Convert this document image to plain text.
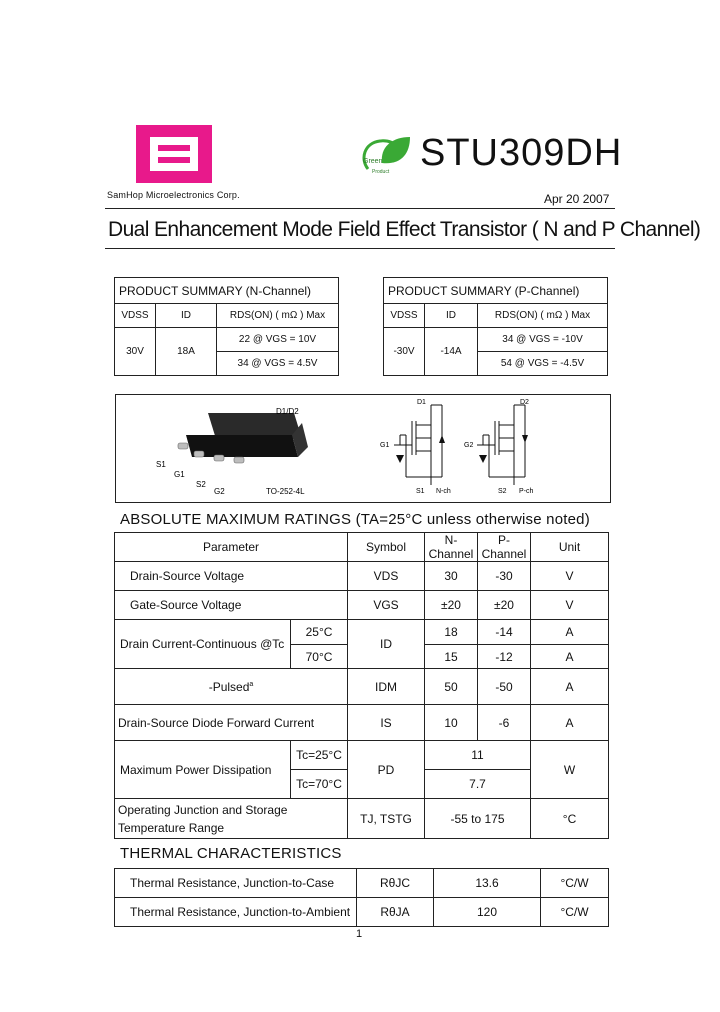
SamHop Microelectronics Corp.
Green
Product STU309DH
Apr 20 2007
Dual Enhancement Mode Field Effect Transistor ( N and P Channel)
PRODUCT SUMMARY (N-Channel)		
VDSS	ID	RDS(ON) ( mΩ ) Max
30V	18A	22 @ VGS = 10V
		34 @ VGS = 4.5V
PRODUCT SUMMARY (P-Channel)		
VDSS	ID	RDS(ON) ( mΩ ) Max
-30V	-14A	34 @ VGS = -10V
		54 @ VGS = -4.5V
D1/D2
S1
G1
S2
G2	TO-252-4L
D1
G1
S1 N-ch
D2
G2
S2 P-ch
ABSOLUTE MAXIMUM RATINGS (TA=25°C unless otherwise noted)
Parameter		Symbol	N-Channel	P-Channel	Unit
Drain-Source Voltage		VDS	30	-30	V
Gate-Source Voltage		VGS	±20	±20	V
Drain Current-Continuous @Tc	25°C	ID	18	-14	A
	70°C		15	-12	A
-Pulsed$^a$		IDM	50	-50	A
Drain-Source Diode Forward Current		IS	10	-6	A
Maximum Power Dissipation	Tc=25°C	PD	11		W
	Tc=70°C		7.7		
Operating Junction and Storage
Temperature Range		TJ, TSTG	-55 to 175		°C
THERMAL CHARACTERISTICS
Thermal Resistance, Junction-to-Case	RθJC	13.6	°C/W
Thermal Resistance, Junction-to-Ambient	RθJA	120	°C/W
1
